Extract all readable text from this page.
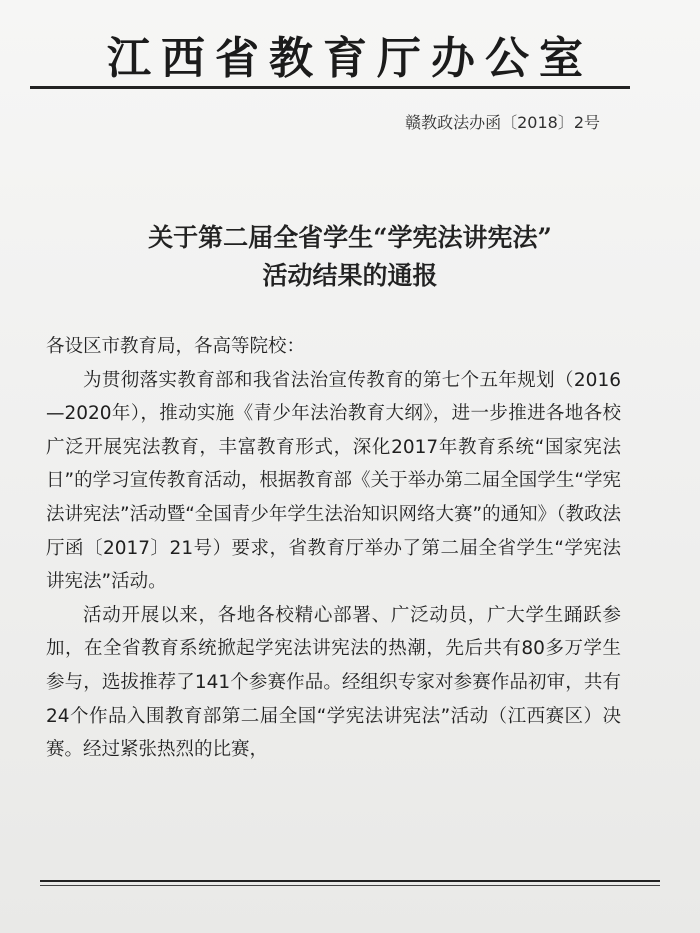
江西省教育厅办公室
赣教政法办函〔2018〕2号
关于第二届全省学生“学宪法讲宪法”
活动结果的通报

各设区市教育局，各高等院校：

为贯彻落实教育部和我省法治宣传教育的第七个五年规划（2016—2020年），推动实施《青少年法治教育大纲》，进一步推进各地各校广泛开展宪法教育，丰富教育形式，深化2017年教育系统“国家宪法日”的学习宣传教育活动，根据教育部《关于举办第二届全国学生“学宪法讲宪法”活动暨“全国青少年学生法治知识网络大赛”的通知》（教政法厅函〔2017〕21号）要求，省教育厅举办了第二届全省学生“学宪法讲宪法”活动。

活动开展以来，各地各校精心部署、广泛动员，广大学生踊跃参加，在全省教育系统掀起学宪法讲宪法的热潮，先后共有80多万学生参与，选拔推荐了141个参赛作品。经组织专家对参赛作品初审，共有24个作品入围教育部第二届全国“学宪法讲宪法”活动（江西赛区）决赛。经过紧张热烈的比赛，
